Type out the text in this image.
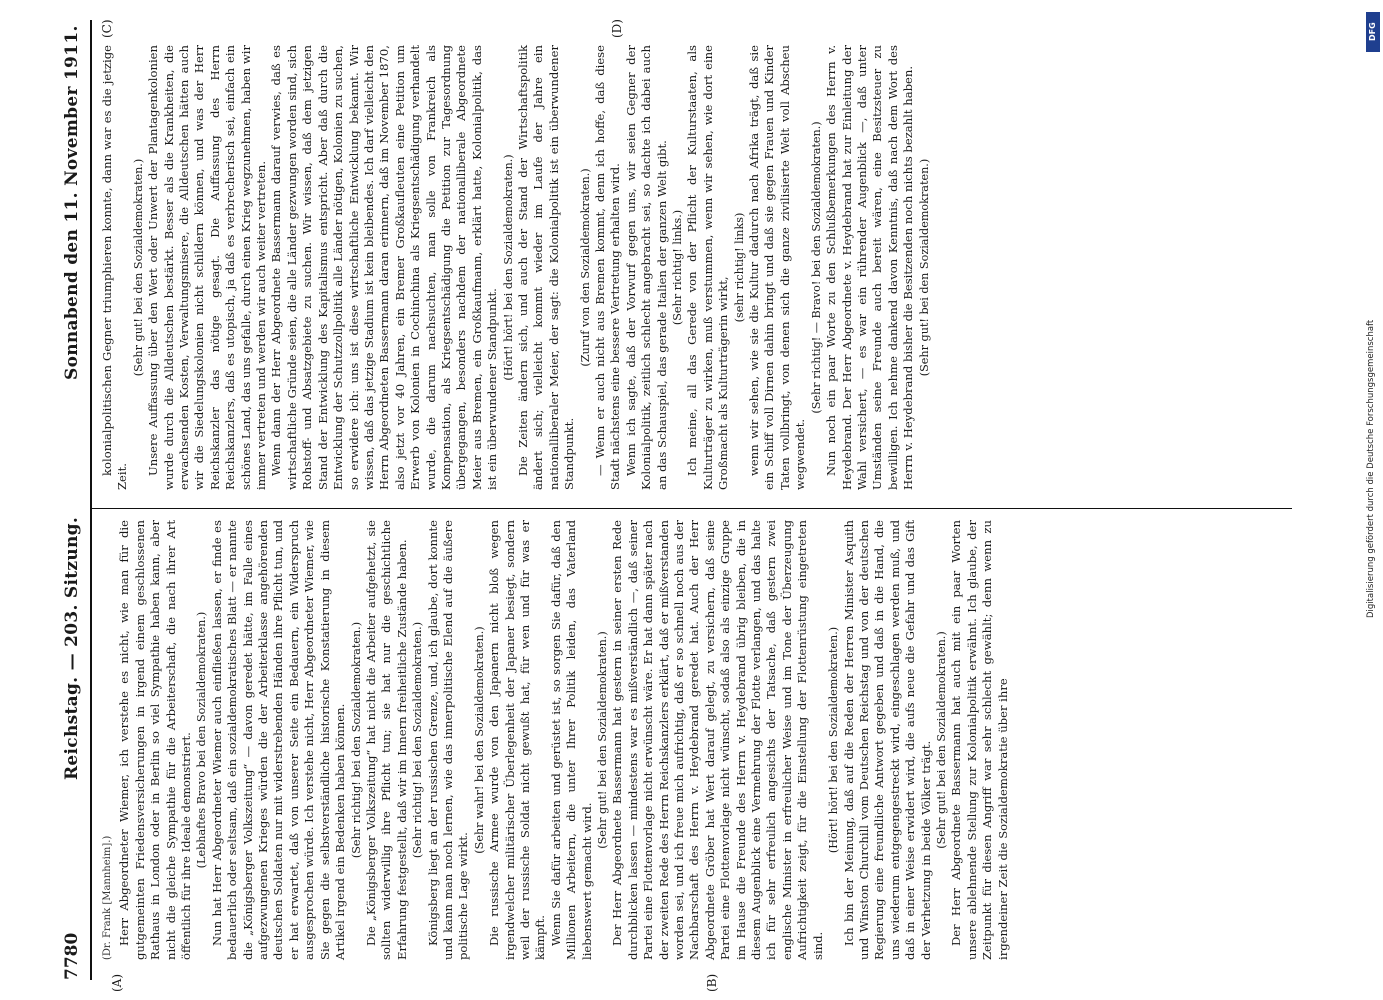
7780
Reichstag. — 203. Sitzung.
Sonnabend den 11. November 1911.
(A)	(B)
(C)	(D)
(Dr. Frank [Mannheim].) Herr Abgeordneter Wiemer, ich verstehe es nicht, wie man für die gutgemeinten Friedensversicherungen in irgend einem geschlossenen Rathaus in London oder in Berlin so viel Sympathie haben kann, aber nicht die gleiche Sympathie für die Arbeiterschaft, die nach ihrer Art öffentlich für ihre Ideale demonstriert. (Lebhaftes Bravo bei den Sozialdemokraten.) Nun hat Herr Abgeordneter Wiemer auch einfließen lassen, er finde es bedauerlich oder seltsam, daß ein sozialdemokratisches Blatt — er nannte die „Königsberger Volkszeitung“ — davon geredet hätte, im Falle eines aufgezwungenen Krieges würden die der Arbeiterklasse angehörenden deutschen Soldaten nur mit widerstrebenden Händen ihre Pflicht tun, und er hat erwartet, daß von unserer Seite ein Bedauern, ein Widerspruch ausgesprochen würde. Ich verstehe nicht, Herr Abgeordneter Wiemer, wie Sie gegen die selbstverständliche historische Konstatierung in diesem Artikel irgend ein Bedenken haben können. (Sehr richtig! bei den Sozialdemokraten.) Die „Königsberger Volkszeitung“ hat nicht die Arbeiter aufgehetzt, sie sollten widerwillig ihre Pflicht tun; sie hat nur die geschichtliche Erfahrung festgestellt, daß wir im Innern freiheitliche Zustände haben. (Sehr richtig! bei den Sozialdemokraten.) Königsberg liegt an der russischen Grenze, und, ich glaube, dort konnte und kann man noch lernen, wie das innerpolitische Elend auf die äußere politische Lage wirkt.

(Sehr wahr! bei den Sozialdemokraten.) Die russische Armee wurde von den Japanern nicht bloß wegen irgendwelcher militärischer Überlegenheit der Japaner besiegt, sondern weil der russische Soldat nicht gewußt hat, für wen und für was er kämpft. Wenn Sie dafür arbeiten und gerüstet ist, so sorgen Sie dafür, daß den Millionen Arbeitern, die unter Ihrer Politik leiden, das Vaterland liebenswert gemacht wird.

(Sehr gut! bei den Sozialdemokraten.) Der Herr Abgeordnete Bassermann hat gestern in seiner ersten Rede durchblicken lassen — mindestens war es mißverständlich —, daß seiner Partei eine Flottenvorlage nicht erwünscht wäre. Er hat dann später nach der zweiten Rede des Herrn Reichskanzlers erklärt, daß er mißverstanden worden sei, und ich freue mich aufrichtig, daß er so schnell noch aus der Nachbarschaft des Herrn v. Heydebrand geredet hat. Auch der Herr Abgeordnete Gröber hat Wert darauf gelegt, zu versichern, daß seine Partei eine Flottenvorlage nicht wünscht, sodaß also als einzige Gruppe im Hause die Freunde des Herrn v. Heydebrand übrig bleiben, die in diesem Augenblick eine Vermehrung der Flotte verlangen, und das halte ich für sehr erfreulich angesichts der Tatsache, daß gestern zwei englische Minister in erfreulicher Weise und im Tone der Überzeugung Aufrichtigkeit zeigt, für die Einstellung der Flottenrüstung eingetreten sind.

(Hört! hört! bei den Sozialdemokraten.) Ich bin der Meinung, daß auf die Reden der Herren Minister Asquith und Winston Churchill vom Deutschen Reichstag und von der deutschen Regierung eine freundliche Antwort gegeben und daß in die Hand, die uns wiederum entgegengestreckt wird, eingeschlagen werden muß, und daß in einer Weise erwidert wird, die aufs neue die Gefahr und das Gift der Verhetzung in beide Völker trägt.

(Sehr gut! bei den Sozialdemokraten.) Der Herr Abgeordnete Bassermann hat auch mit ein paar Worten unsere ablehnende Stellung zur Kolonialpolitik erwähnt. Ich glaube, der Zeitpunkt für diesen Angriff war sehr schlecht gewählt; denn wenn zu irgendeiner Zeit die Sozialdemokratie über ihre

kolonialpolitischen Gegner triumphieren konnte, dann war es die jetzige Zeit.

(Sehr gut! bei den Sozialdemokraten.) Unsere Auffassung über den Wert oder Unwert der Plantagenkolonien wurde durch die Alldeutschen bestärkt. Besser als die Krankheiten, die erwachsenden Kosten, Verwaltungsmisere, die Alldeutschen hätten auch wir die Siedelungskolonien nicht schildern können, und was der Herr Reichskanzler das nötige gesagt. Die Auffassung des Herrn Reichskanzlers, daß es utopisch, ja daß es verbrecherisch sei, einfach ein schönes Land, das uns gefalle, durch einen Krieg wegzunehmen, haben wir immer vertreten und werden wir auch weiter vertreten. Wenn dann der Herr Abgeordnete Bassermann darauf verwies, daß es wirtschaftliche Gründe seien, die alle Länder gezwungen worden sind, sich Rohstoff- und Absatzgebiete zu suchen. Wir wissen, daß dem jetzigen Stand der Entwicklung des Kapitalismus entspricht. Aber daß durch die Entwicklung der Schutzzollpolitik alle Länder nötigen, Kolonien zu suchen, so erwidere ich: uns ist diese wirtschaftliche Entwicklung bekannt. Wir wissen, daß das jetzige Stadium ist kein bleibendes. Ich darf vielleicht den Herrn Abgeordneten Bassermann daran erinnern, daß im November 1870, also jetzt vor 40 Jahren, ein Bremer Großkaufleuten eine Petition um Erwerb von Kolonien in Cochinchina als Kriegsentschädigung verhandelt wurde, die darum nachsuchten, man solle von Frankreich als Kompensation, als Kriegsentschädigung die Petition zur Tagesordnung übergegangen, besonders nachdem der nationalliberale Abgeordnete Meier aus Bremen, ein Großkaufmann, erklärt hatte, Kolonialpolitik, das ist ein überwundener Standpunkt.

(Hört! hört! bei den Sozialdemokraten.) Die Zeiten ändern sich, und auch der Stand der Wirtschaftspolitik ändert sich; vielleicht kommt wieder im Laufe der Jahre ein nationalliberaler Meier, der sagt: die Kolonialpolitik ist ein überwundener Standpunkt.

(Zuruf von den Sozialdemokraten.) — Wenn er auch nicht aus Bremen kommt, denn ich hoffe, daß diese Stadt nächstens eine bessere Vertretung erhalten wird. Wenn ich sagte, daß der Vorwurf gegen uns, wir seien Gegner der Kolonialpolitik, zeitlich schlecht angebracht sei, so dachte ich dabei auch an das Schauspiel, das gerade Italien der ganzen Welt gibt. (Sehr richtig! links.) Ich meine, all das Gerede von der Pflicht der Kulturstaaten, als Kulturträger zu wirken, muß verstummen, wenn wir sehen, wie dort eine Großmacht als Kulturträgerin wirkt,

(sehr richtig! links) wenn wir sehen, wie sie die Kultur dadurch nach Afrika trägt, daß sie ein Schiff voll Dirnen dahin bringt und daß sie gegen Frauen und Kinder Taten vollbringt, von denen sich die ganze zivilisierte Welt voll Abscheu wegwendet.

(Sehr richtig! — Bravo! bei den Sozialdemokraten.) Nun noch ein paar Worte zu den Schlußbemerkungen des Herrn v. Heydebrand. Der Herr Abgeordnete v. Heydebrand hat zur Einleitung der Wahl versichert, — es war ein rührender Augenblick —, daß unter Umständen seine Freunde auch bereit wären, eine Besitzsteuer zu bewilligen. Ich nehme dankend davon Kenntnis, daß nach dem Wort des Herrn v. Heydebrand bisher die Besitzenden noch nichts bezahlt haben. (Sehr gut! bei den Sozialdemokraten.)

DFG
Digitalisierung gefördert durch die Deutsche Forschungsgemeinschaft
